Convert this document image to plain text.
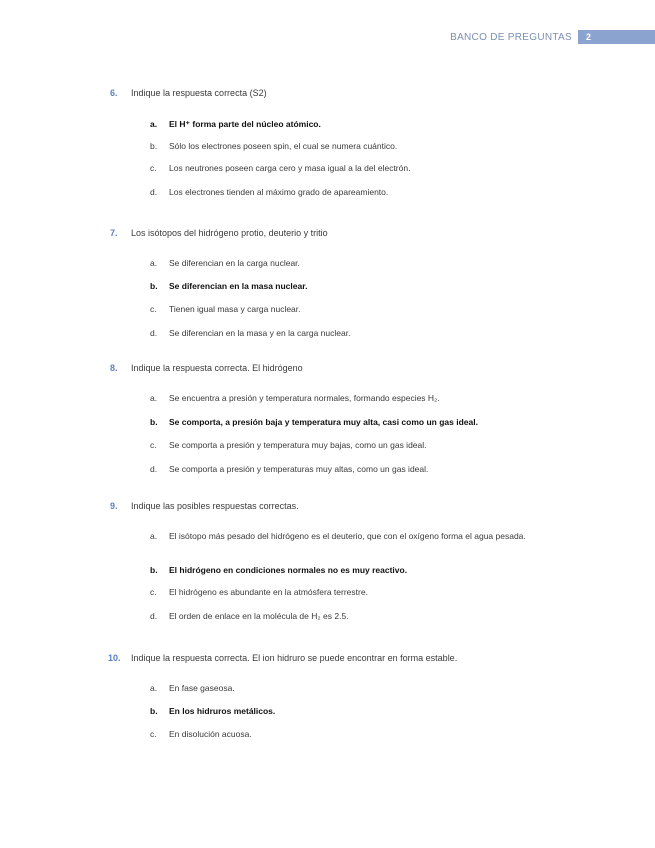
BANCO DE PREGUNTAS	2
6. Indique la respuesta correcta (S2)
a.	El H⁺ forma parte del núcleo atómico.
b.	Sólo los electrones poseen spin, el cual se numera cuántico.
c.	Los neutrones poseen carga cero y masa igual a la del electrón.
d.	Los electrones tienden al máximo grado de apareamiento.
7. Los isótopos del hidrógeno protio, deuterio y tritio
a.	Se diferencian en la carga nuclear.
b.	Se diferencian en la masa nuclear.
c.	Tienen igual masa y carga nuclear.
d.	Se diferencian en la masa y en la carga nuclear.
8. Indique la respuesta correcta. El hidrógeno
a.	Se encuentra a presión y temperatura normales, formando especies H₂.
b.	Se comporta, a presión baja y temperatura muy alta, casi como un gas ideal.
c.	Se comporta a presión y temperatura muy bajas, como un gas ideal.
d.	Se comporta a presión y temperaturas muy altas, como un gas ideal.
9. Indique las posibles respuestas correctas.
a.	El isótopo más pesado del hidrógeno es el deuterio, que con el oxígeno forma el agua pesada.
b.	El hidrógeno en condiciones normales no es muy reactivo.
c.	El hidrógeno es abundante en la atmósfera terrestre.
d.	El orden de enlace en la molécula de H₂ es 2.5.
10. Indique la respuesta correcta. El ion hidruro se puede encontrar en forma estable.
a.	En fase gaseosa.
b.	En los hidruros metálicos.
c.	En disolución acuosa.
